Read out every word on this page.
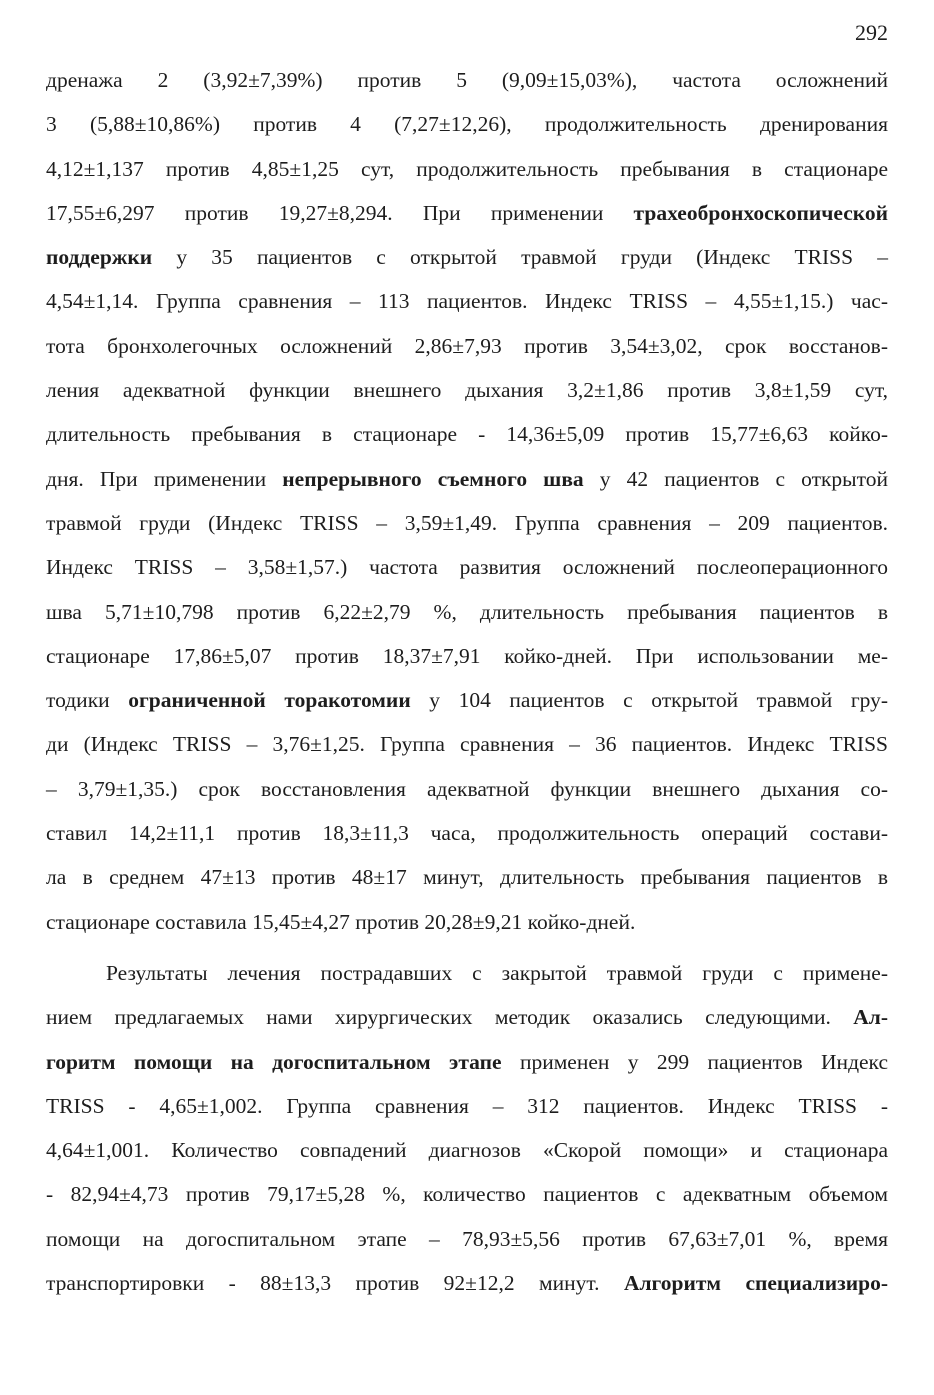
292
дренажа 2 (3,92±7,39%) против 5 (9,09±15,03%), частота осложнений
3 (5,88±10,86%) против 4 (7,27±12,26), продолжительность дренирования
4,12±1,137 против 4,85±1,25 сут, продолжительность пребывания в стационаре
17,55±6,297 против 19,27±8,294. При применении трахеобронхоскопической
поддержки у 35 пациентов с открытой травмой груди (Индекс TRISS –
4,54±1,14. Группа сравнения – 113 пациентов. Индекс TRISS – 4,55±1,15.) час-
тота бронхолегочных осложнений 2,86±7,93 против 3,54±3,02, срок восстанов-
ления адекватной функции внешнего дыхания 3,2±1,86 против 3,8±1,59 сут,
длительность пребывания в стационаре - 14,36±5,09 против 15,77±6,63 койко-
дня. При применении непрерывного съемного шва у 42 пациентов с открытой
травмой груди (Индекс TRISS – 3,59±1,49. Группа сравнения – 209 пациентов.
Индекс TRISS – 3,58±1,57.) частота развития осложнений послеоперационного
шва 5,71±10,798 против 6,22±2,79 %, длительность пребывания пациентов в
стационаре 17,86±5,07 против 18,37±7,91 койко-дней. При использовании ме-
тодики ограниченной торакотомии у 104 пациентов с открытой травмой гру-
ди (Индекс TRISS – 3,76±1,25. Группа сравнения – 36 пациентов. Индекс TRISS
– 3,79±1,35.) срок восстановления адекватной функции внешнего дыхания со-
ставил 14,2±11,1 против 18,3±11,3 часа, продолжительность операций состави-
ла в среднем 47±13 против 48±17 минут, длительность пребывания пациентов в
стационаре составила 15,45±4,27 против 20,28±9,21 койко-дней.
Результаты лечения пострадавших с закрытой травмой груди с примене-
нием предлагаемых нами хирургических методик оказались следующими. Ал-
горитм помощи на догоспитальном этапе применен у 299 пациентов Индекс
TRISS - 4,65±1,002. Группа сравнения – 312 пациентов. Индекс TRISS -
4,64±1,001. Количество совпадений диагнозов «Скорой помощи» и стационара
- 82,94±4,73 против 79,17±5,28 %, количество пациентов с адекватным объемом
помощи на догоспитальном этапе – 78,93±5,56 против 67,63±7,01 %, время
транспортировки - 88±13,3 против 92±12,2 минут. Алгоритм специализиро-
